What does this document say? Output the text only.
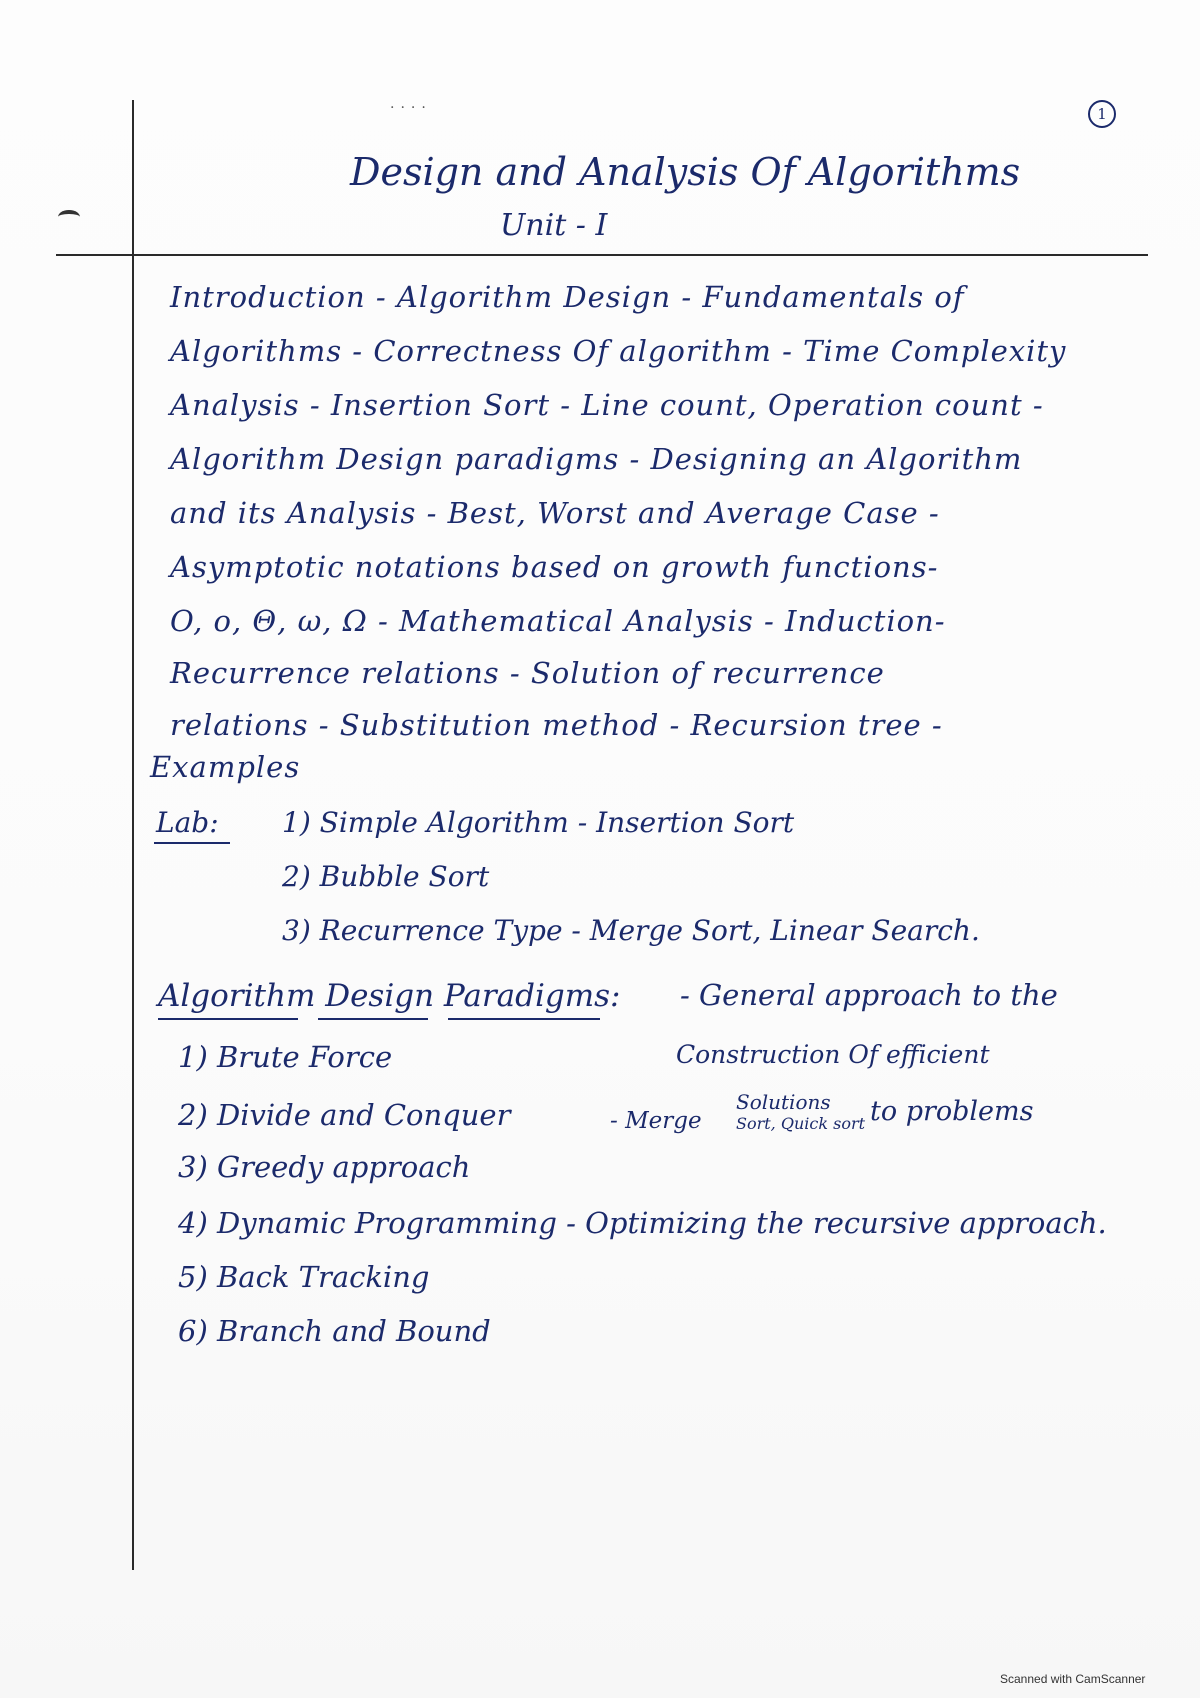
....
1
Design and Analysis Of Algorithms
Unit - I
Introduction - Algorithm Design - Fundamentals of
Algorithms - Correctness Of algorithm - Time Complexity
Analysis - Insertion Sort - Line count, Operation count -
Algorithm Design paradigms - Designing an Algorithm
and its Analysis - Best, Worst and Average Case -
Asymptotic notations based on growth functions-
O, o, Θ, ω, Ω - Mathematical Analysis - Induction-
Recurrence relations - Solution of recurrence
relations - Substitution method - Recursion tree -
Examples
Lab: 1) Simple Algorithm - Insertion Sort
2) Bubble Sort
3) Recurrence Type - Merge Sort, Linear Search.
Algorithm Design Paradigms: - General approach to the
Construction Of efficient
1) Brute Force
2) Divide and Conquer	- Merge
Solutions
Sort, Quick sort to problems
3) Greedy approach
4) Dynamic Programming - Optimizing the recursive approach.
5) Back Tracking
6) Branch and Bound
Scanned with CamScanner
